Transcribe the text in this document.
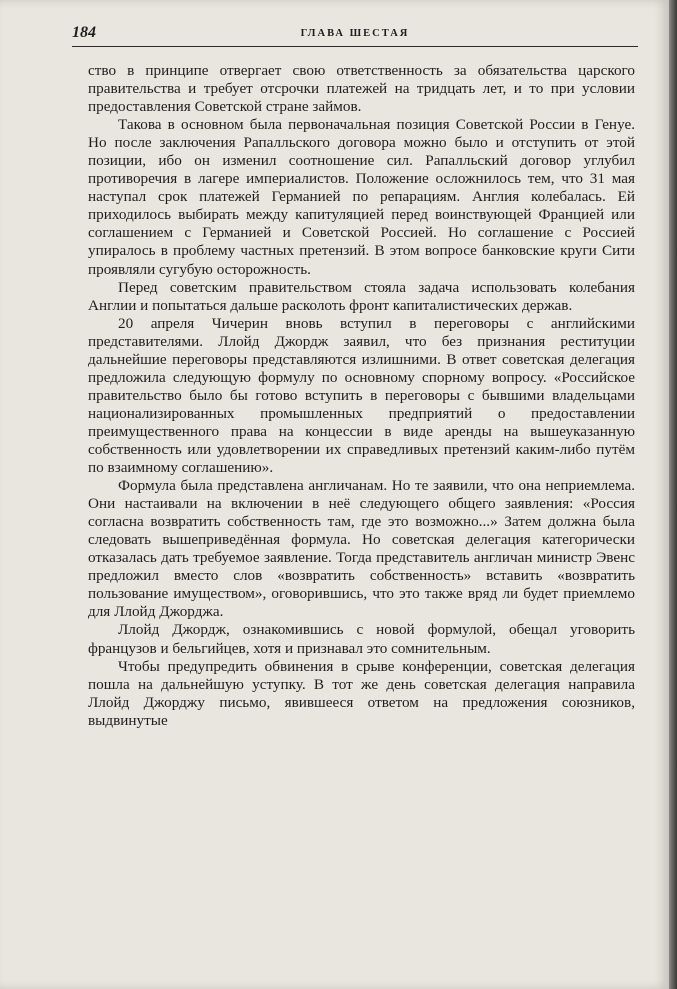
184	ГЛАВА ШЕСТАЯ

ство в принципе отвергает свою ответственность за обязательства царского правительства и требует отсрочки платежей на тридцать лет, и то при условии предоставления Советской стране займов.

Такова в основном была первоначальная позиция Советской России в Генуе. Но после заключения Рапалльского договора можно было и отступить от этой позиции, ибо он изменил соотношение сил. Рапалльский договор углубил противоречия в лагере империалистов. Положение осложнилось тем, что 31 мая наступал срок платежей Германией по репарациям. Англия колебалась. Ей приходилось выбирать между капитуляцией перед воинствующей Францией или соглашением с Германией и Советской Россией. Но соглашение с Россией упиралось в проблему частных претензий. В этом вопросе банковские круги Сити проявляли сугубую осторожность.

Перед советским правительством стояла задача использовать колебания Англии и попытаться дальше расколоть фронт капиталистических держав.

20 апреля Чичерин вновь вступил в переговоры с английскими представителями. Ллойд Джордж заявил, что без признания реституции дальнейшие переговоры представляются излишними. В ответ советская делегация предложила следующую формулу по основному спорному вопросу. «Российское правительство было бы готово вступить в переговоры с бывшими владельцами национализированных промышленных предприятий о предоставлении преимущественного права на концессии в виде аренды на вышеуказанную собственность или удовлетворении их справедливых претензий каким-либо путём по взаимному соглашению».

Формула была представлена англичанам. Но те заявили, что она неприемлема. Они настаивали на включении в неё следующего общего заявления: «Россия согласна возвратить собственность там, где это возможно...» Затем должна была следовать вышеприведённая формула. Но советская делегация категорически отказалась дать требуемое заявление. Тогда представитель англичан министр Эвенс предложил вместо слов «возвратить собственность» вставить «возвратить пользование имуществом», оговорившись, что это также вряд ли будет приемлемо для Ллойд Джорджа.

Ллойд Джордж, ознакомившись с новой формулой, обещал уговорить французов и бельгийцев, хотя и признавал это сомнительным.

Чтобы предупредить обвинения в срыве конференции, советская делегация пошла на дальнейшую уступку. В тот же день советская делегация направила Ллойд Джорджу письмо, явившееся ответом на предложения союзников, выдвинутые
